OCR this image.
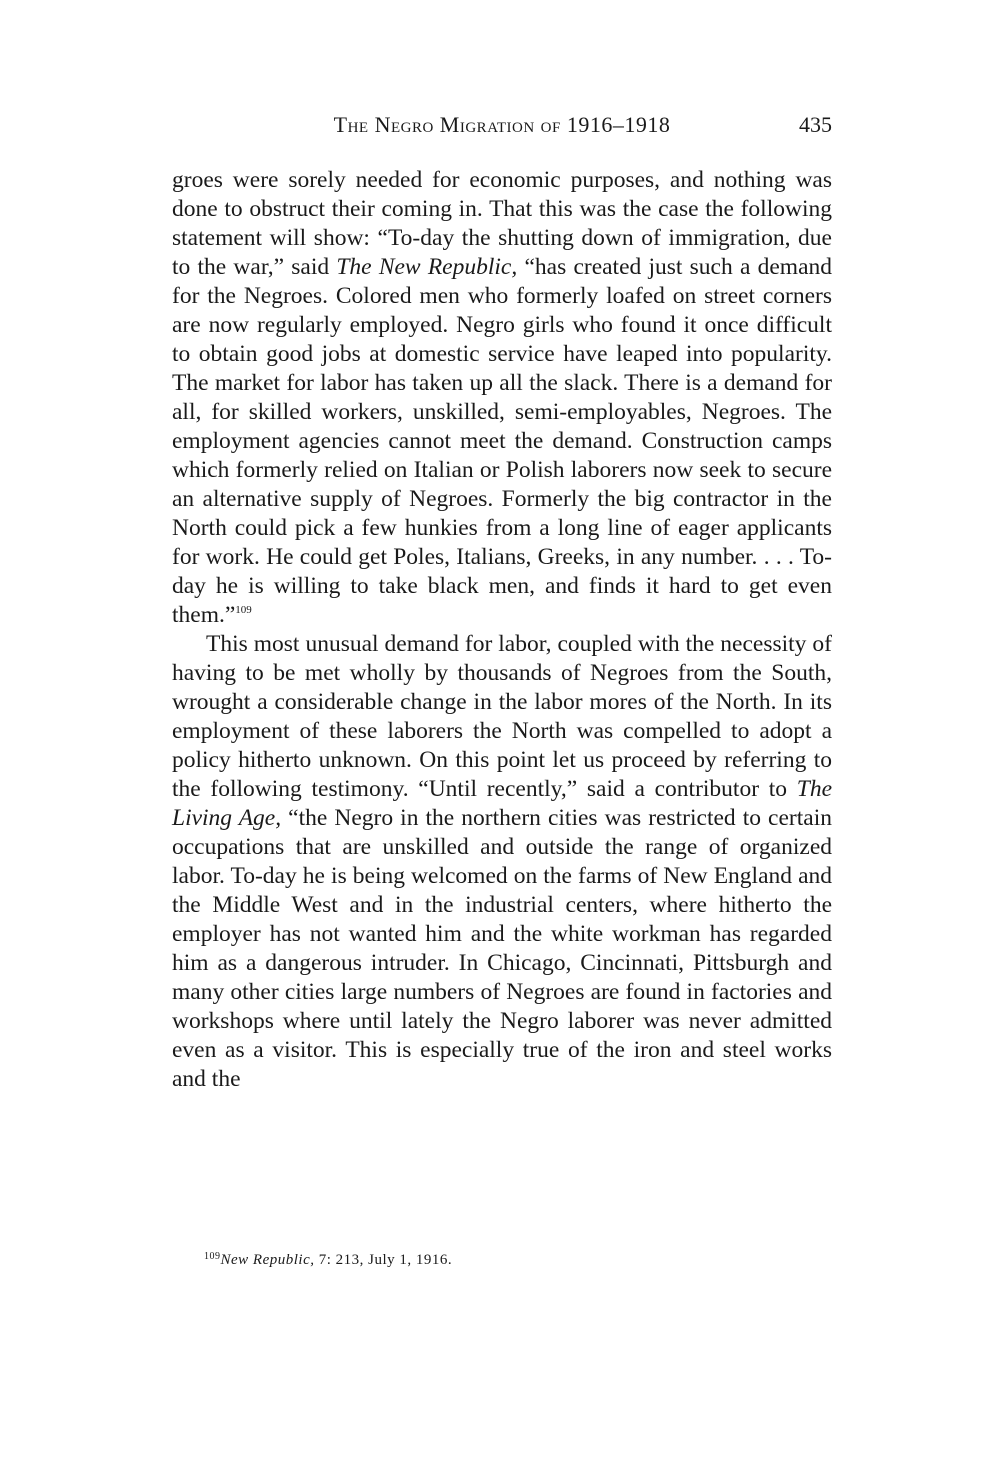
The Negro Migration of 1916–1918	435

groes were sorely needed for economic purposes, and nothing was done to obstruct their coming in. That this was the case the following statement will show: “To-day the shutting down of immigration, due to the war,” said The New Republic, “has created just such a demand for the Negroes. Colored men who formerly loafed on street corners are now regularly employed. Negro girls who found it once difficult to obtain good jobs at domestic service have leaped into popularity. The market for labor has taken up all the slack. There is a demand for all, for skilled workers, unskilled, semi-employables, Negroes. The employment agencies cannot meet the demand. Construction camps which formerly relied on Italian or Polish laborers now seek to secure an alternative supply of Negroes. Formerly the big contractor in the North could pick a few hunkies from a long line of eager applicants for work. He could get Poles, Italians, Greeks, in any number. . . . To-day he is willing to take black men, and finds it hard to get even them.”$^{109}$

This most unusual demand for labor, coupled with the necessity of having to be met wholly by thousands of Negroes from the South, wrought a considerable change in the labor mores of the North. In its employment of these laborers the North was compelled to adopt a policy hitherto unknown. On this point let us proceed by referring to the following testimony. “Until recently,” said a contributor to The Living Age, “the Negro in the northern cities was restricted to certain occupations that are unskilled and outside the range of organized labor. To-day he is being welcomed on the farms of New England and the Middle West and in the industrial centers, where hitherto the employer has not wanted him and the white workman has regarded him as a dangerous intruder. In Chicago, Cincinnati, Pittsburgh and many other cities large numbers of Negroes are found in factories and workshops where until lately the Negro laborer was never admitted even as a visitor. This is especially true of the iron and steel works and the

$^{109}$New Republic, 7: 213, July 1, 1916.
